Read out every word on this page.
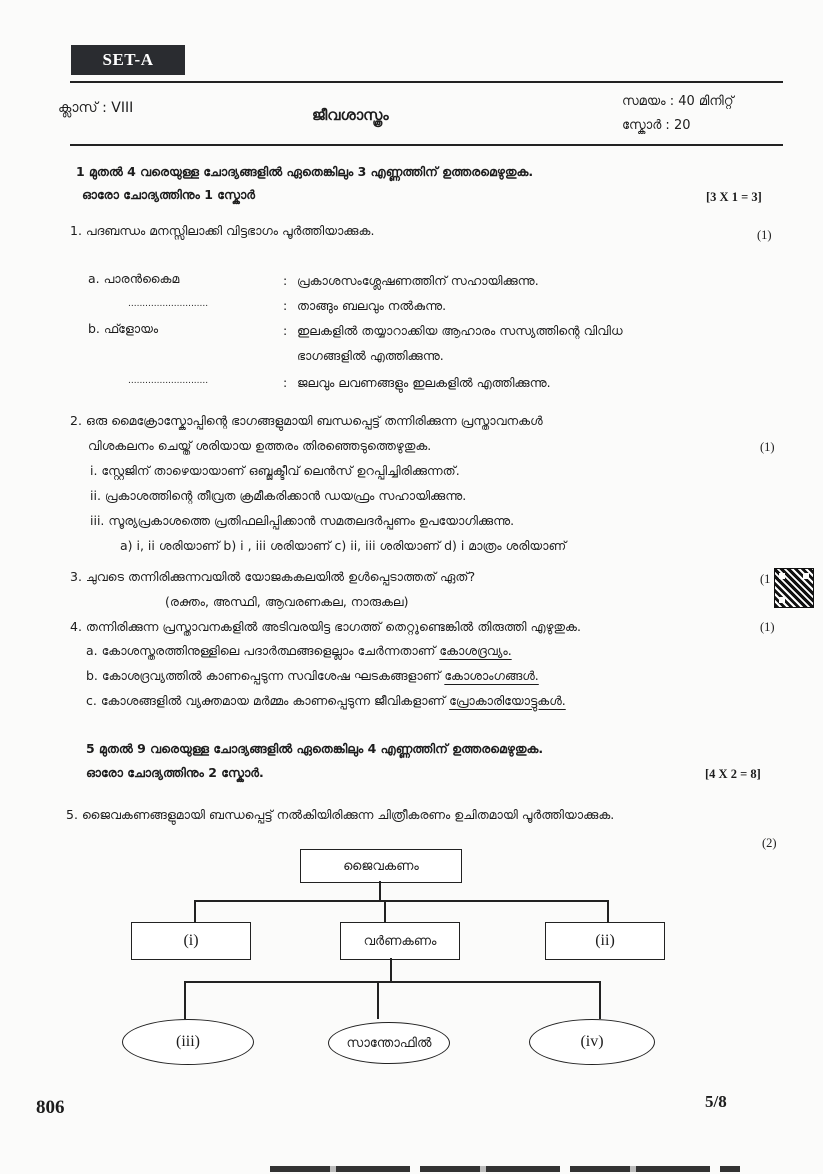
SET-A
ക്ലാസ് : VIII	ജീവശാസ്ത്രം
സമയം : 40 മിനിറ്റ്
സ്കോർ : 20
1 മുതൽ 4 വരെയുള്ള ചോദ്യങ്ങളിൽ ഏതെങ്കിലും 3 എണ്ണത്തിന് ഉത്തരമെഴുതുക.
ഓരോ ചോദ്യത്തിനും 1 സ്കോർ	[3 X 1 = 3]
1. പദബന്ധം മനസ്സിലാക്കി വിട്ടഭാഗം പൂർത്തിയാക്കുക.	(1)
a. പാരൻകൈമ	: പ്രകാശസംശ്ലേഷണത്തിന് സഹായിക്കുന്നു.
............................	: താങ്ങും ബലവും നൽകുന്നു.
b. ഫ്ളോയം	: ഇലകളിൽ തയ്യാറാക്കിയ ആഹാരം സസ്യത്തിന്റെ വിവിധ
ഭാഗങ്ങളിൽ എത്തിക്കുന്നു.
............................	: ജലവും ലവണങ്ങളും ഇലകളിൽ എത്തിക്കുന്നു.
2. ഒരു മൈക്രോസ്കോപ്പിന്റെ ഭാഗങ്ങളുമായി ബന്ധപ്പെട്ട് തന്നിരിക്കുന്ന പ്രസ്താവനകൾ
വിശകലനം ചെയ്ത് ശരിയായ ഉത്തരം തിരഞ്ഞെടുത്തെഴുതുക.	(1)
i. സ്റ്റേജിന് താഴെയായാണ് ഒബ്ജക്ടീവ് ലെൻസ് ഉറപ്പിച്ചിരിക്കുന്നത്.
ii. പ്രകാശത്തിന്റെ തീവ്രത ക്രമീകരിക്കാൻ ഡയഫ്രം സഹായിക്കുന്നു.
iii. സൂര്യപ്രകാശത്തെ പ്രതിഫലിപ്പിക്കാൻ സമതലദർപ്പണം ഉപയോഗിക്കുന്നു.
a) i, ii ശരിയാണ് b) i , iii ശരിയാണ് c) ii, iii ശരിയാണ് d) i മാത്രം ശരിയാണ്
3. ചുവടെ തന്നിരിക്കുന്നവയിൽ യോജകകലയിൽ ഉൾപ്പെടാത്തത് ഏത്?
(രക്തം, അസ്ഥി, ആവരണകല, നാരുകല)
(1
4. തന്നിരിക്കുന്ന പ്രസ്താവനകളിൽ അടിവരയിട്ട ഭാഗത്ത് തെറ്റുണ്ടെങ്കിൽ തിരുത്തി എഴുതുക.	(1)
a. കോശസ്തരത്തിനുള്ളിലെ പദാർത്ഥങ്ങളെല്ലാം ചേർന്നതാണ് കോശദ്രവ്യം.
b. കോശദ്രവ്യത്തിൽ കാണപ്പെടുന്ന സവിശേഷ ഘടകങ്ങളാണ് കോശാംഗങ്ങൾ.
c. കോശങ്ങളിൽ വ്യക്തമായ മർമ്മം കാണപ്പെടുന്ന ജീവികളാണ് പ്രോകാരിയോട്ടുകൾ.
5 മുതൽ 9 വരെയുള്ള ചോദ്യങ്ങളിൽ ഏതെങ്കിലും 4 എണ്ണത്തിന് ഉത്തരമെഴുതുക.
ഓരോ ചോദ്യത്തിനും 2 സ്കോർ.	[4 X 2 = 8]
5. ജൈവകണങ്ങളുമായി ബന്ധപ്പെട്ട് നൽകിയിരിക്കുന്ന ചിത്രീകരണം ഉചിതമായി പൂർത്തിയാക്കുക.
(2)
ജൈവകണം
(i)	വർണകണം	(ii)
(iii)	സാന്തോഫിൽ	(iv)
806	5/8
